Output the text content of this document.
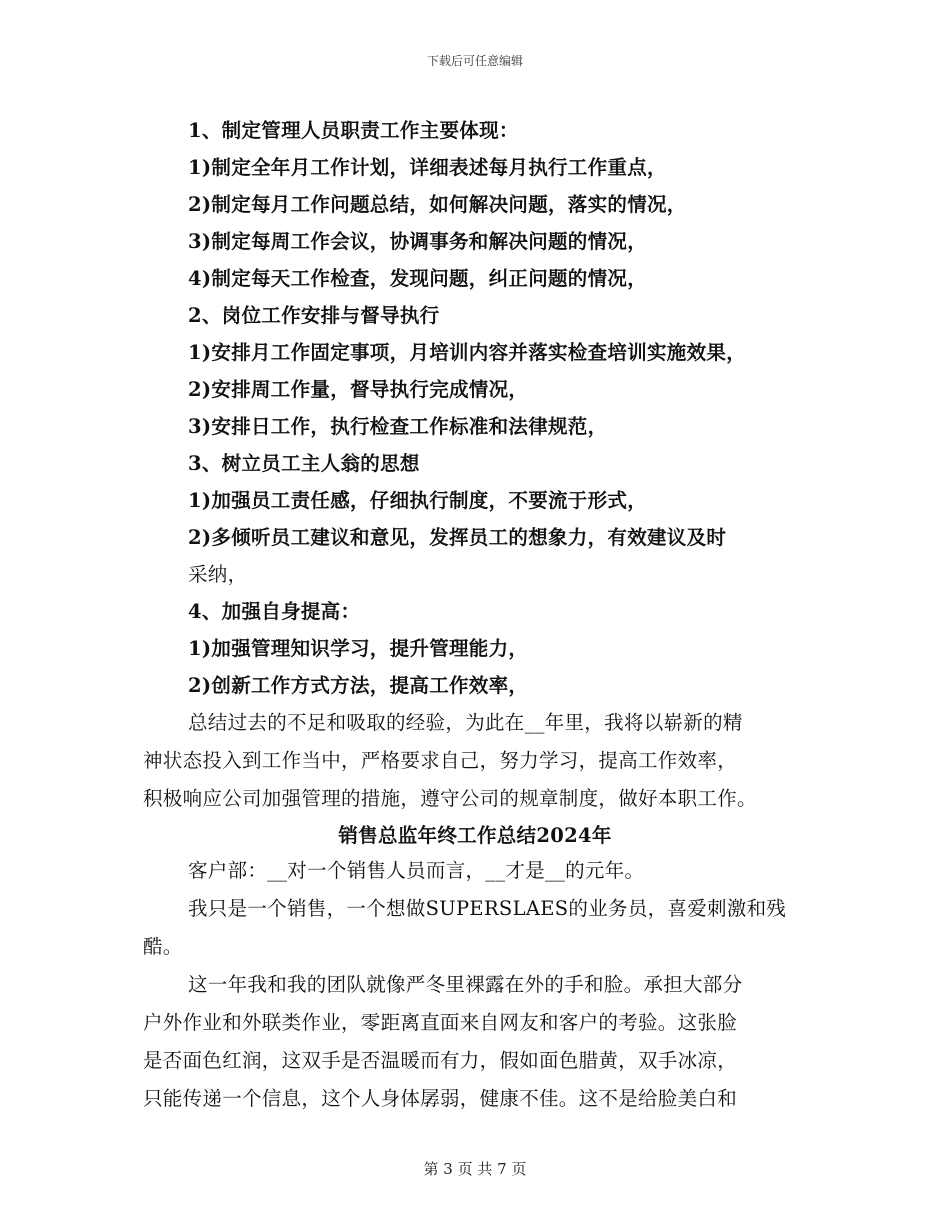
下载后可任意编辑
1、制定管理人员职责工作主要体现：
1)制定全年月工作计划，详细表述每月执行工作重点，
2)制定每月工作问题总结，如何解决问题，落实的情况，
3)制定每周工作会议，协调事务和解决问题的情况，
4)制定每天工作检查，发现问题，纠正问题的情况，
2、岗位工作安排与督导执行
1)安排月工作固定事项，月培训内容并落实检查培训实施效果，
2)安排周工作量，督导执行完成情况，
3)安排日工作，执行检查工作标准和法律规范，
3、树立员工主人翁的思想
1)加强员工责任感，仔细执行制度，不要流于形式，
2)多倾听员工建议和意见，发挥员工的想象力，有效建议及时
采纳，
4、加强自身提高：
1)加强管理知识学习，提升管理能力，
2)创新工作方式方法，提高工作效率，
总结过去的不足和吸取的经验，为此在__年里，我将以崭新的精
神状态投入到工作当中，严格要求自己，努力学习，提高工作效率，
积极响应公司加强管理的措施，遵守公司的规章制度，做好本职工作。
销售总监年终工作总结2024年
客户部：__对一个销售人员而言，__才是__的元年。
我只是一个销售，一个想做SUPERSLAES的业务员，喜爱刺激和残
酷。
这一年我和我的团队就像严冬里裸露在外的手和脸。承担大部分
户外作业和外联类作业，零距离直面来自网友和客户的考验。这张脸
是否面色红润，这双手是否温暖而有力，假如面色腊黄，双手冰凉，
只能传递一个信息，这个人身体孱弱，健康不佳。这不是给脸美白和
第 3 页 共 7 页
